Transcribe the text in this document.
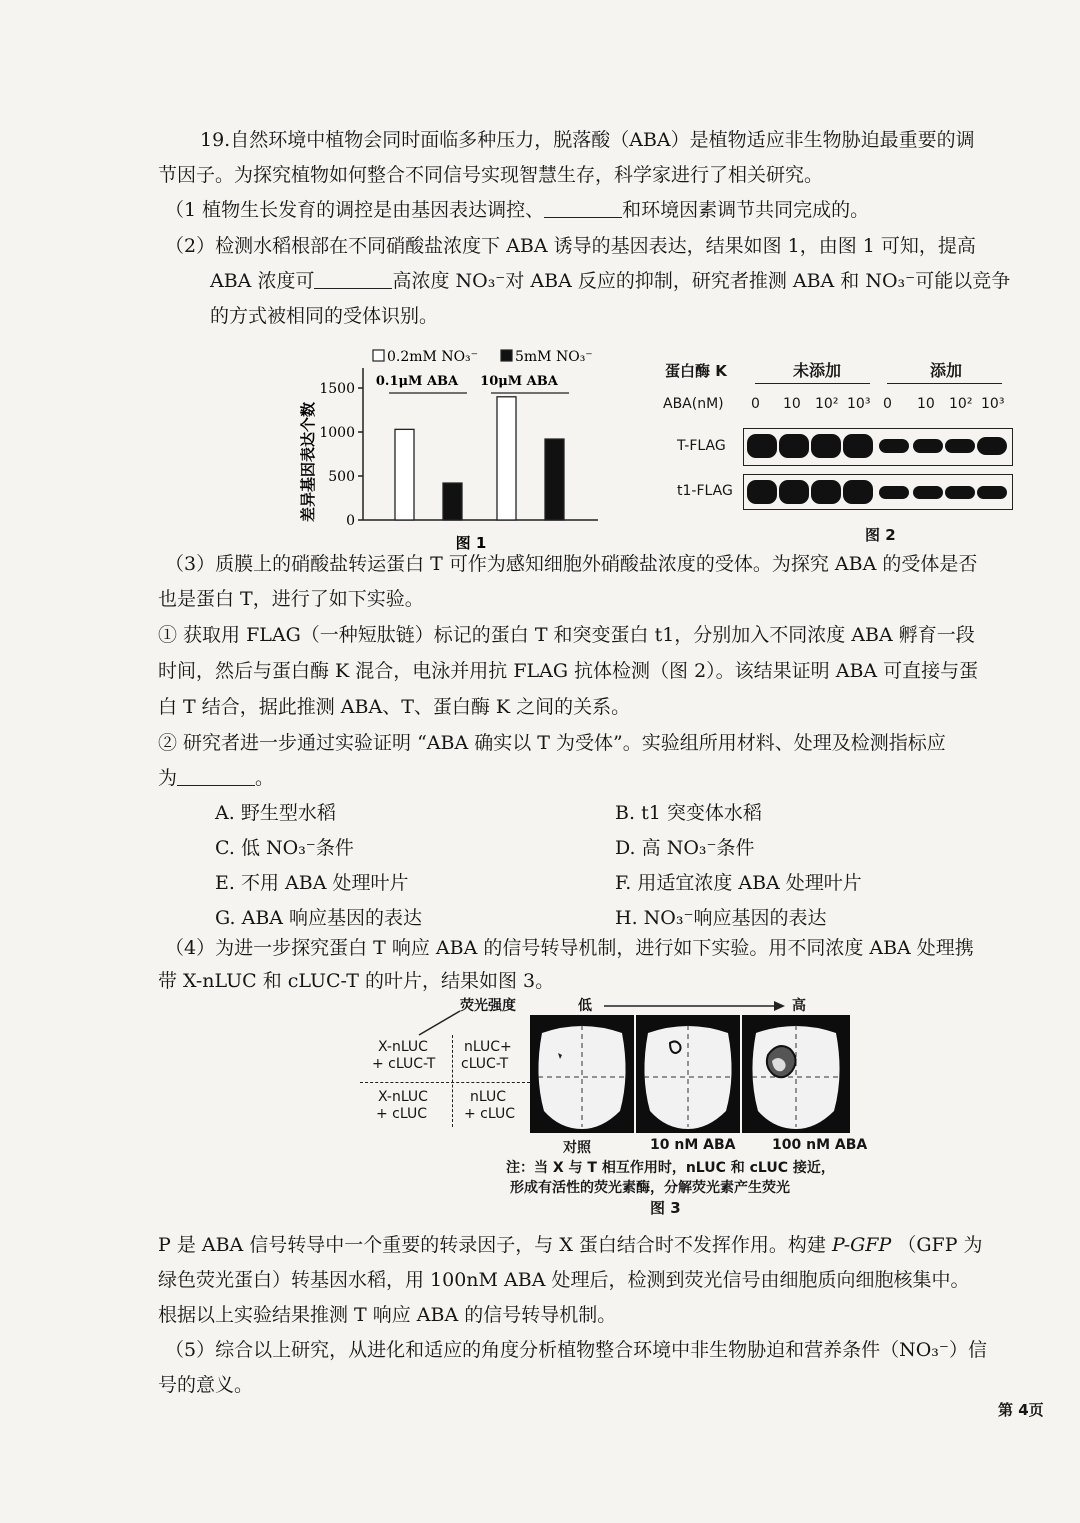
19.自然环境中植物会同时面临多种压力，脱落酸（ABA）是植物适应非生物胁迫最重要的调
节因子。为探究植物如何整合不同信号实现智慧生存，科学家进行了相关研究。
（1 植物生长发育的调控是由基因表达调控、	和环境因素调节共同完成的。
（2）检测水稻根部在不同硝酸盐浓度下 ABA 诱导的基因表达，结果如图 1，由图 1 可知，提高
ABA 浓度可	高浓度 NO₃⁻对 ABA 反应的抑制，研究者推测 ABA 和 NO₃⁻可能以竞争
的方式被相同的受体识别。
0
500
1000
1500
差异基因表达个数
0.2mM NO₃⁻	5mM NO₃⁻
0.1μM ABA 10μM ABA
图 1
蛋白酶 K	未添加	添加
ABA(nM) 0 10 10² 10³ 0 10 10² 10³
T-FLAG
t1-FLAG
图 2
（3）质膜上的硝酸盐转运蛋白 T 可作为感知细胞外硝酸盐浓度的受体。为探究 ABA 的受体是否
也是蛋白 T，进行了如下实验。
① 获取用 FLAG（一种短肽链）标记的蛋白 T 和突变蛋白 t1，分别加入不同浓度 ABA 孵育一段
时间，然后与蛋白酶 K 混合，电泳并用抗 FLAG 抗体检测（图 2）。该结果证明 ABA 可直接与蛋
白 T 结合，据此推测 ABA、T、蛋白酶 K 之间的关系。
② 研究者进一步通过实验证明 “ABA 确实以 T 为受体”。实验组所用材料、处理及检测指标应
为	。
A. 野生型水稻	B. t1 突变体水稻
C. 低 NO₃⁻条件	D. 高 NO₃⁻条件
E. 不用 ABA 处理叶片	F. 用适宜浓度 ABA 处理叶片
G. ABA 响应基因的表达	H. NO₃⁻响应基因的表达
（4）为进一步探究蛋白 T 响应 ABA 的信号转导机制，进行如下实验。用不同浓度 ABA 处理携
带 X-nLUC 和 cLUC-T 的叶片，结果如图 3。
荧光强度	低	高
X-nLUC
+ cLUC-T
nLUC+
cLUC-T
X-nLUC
+ cLUC
nLUC
+ cLUC
对照	10 nM ABA	100 nM ABA
注：当 X 与 T 相互作用时，nLUC 和 cLUC 接近，
形成有活性的荧光素酶，分解荧光素产生荧光
图 3
P 是 ABA 信号转导中一个重要的转录因子，与 X 蛋白结合时不发挥作用。构建 P-GFP （GFP 为
绿色荧光蛋白）转基因水稻，用 100nM ABA 处理后，检测到荧光信号由细胞质向细胞核集中。
根据以上实验结果推测 T 响应 ABA 的信号转导机制。
（5）综合以上研究，从进化和适应的角度分析植物整合环境中非生物胁迫和营养条件（NO₃⁻）信
号的意义。
第 4页
